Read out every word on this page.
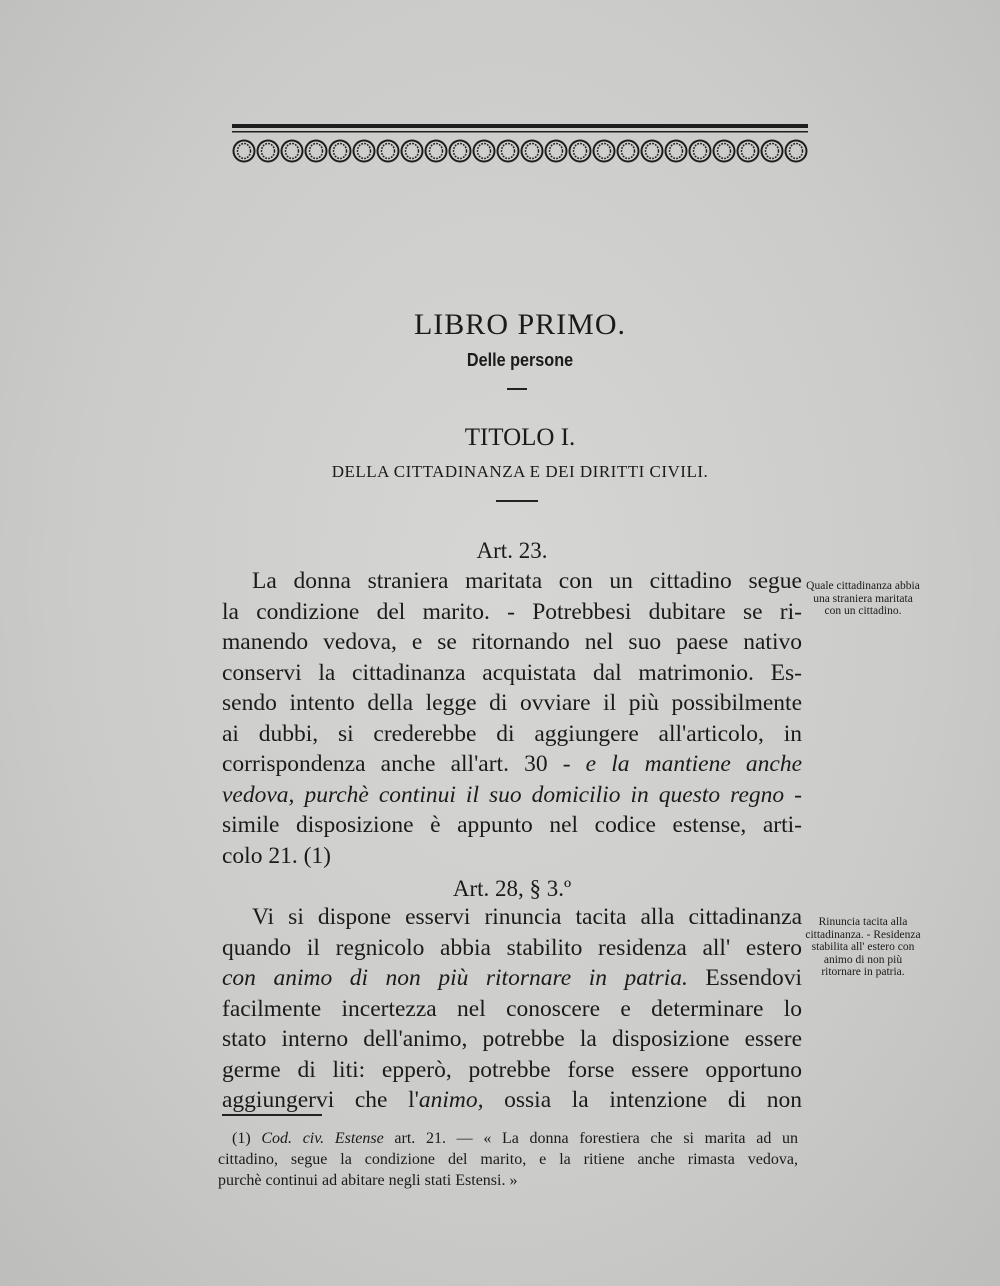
LIBRO PRIMO.
Delle persone
TITOLO I.
DELLA CITTADINANZA E DEI DIRITTI CIVILI.
Art. 23.
La donna straniera maritata con un cittadino segue
la condizione del marito. - Potrebbesi dubitare se ri-
manendo vedova, e se ritornando nel suo paese nativo
conservi la cittadinanza acquistata dal matrimonio. Es-
sendo intento della legge di ovviare il più possibilmente
ai dubbi, si crederebbe di aggiungere all'articolo, in
corrispondenza anche all'art. 30 - e la mantiene anche
vedova, purchè continui il suo domicilio in questo regno -
simile disposizione è appunto nel codice estense, arti-
colo 21. (1)
Quale cittadinanza abbia una straniera maritata con un cittadino.
Art. 28, § 3.º
Vi si dispone esservi rinuncia tacita alla cittadinanza
quando il regnicolo abbia stabilito residenza all' estero
con animo di non più ritornare in patria. Essendovi
facilmente incertezza nel conoscere e determinare lo
stato interno dell'animo, potrebbe la disposizione essere
germe di liti: epperò, potrebbe forse essere opportuno
aggiungervi che l'animo, ossia la intenzione di non
Rinuncia tacita alla cittadinanza. - Residenza stabilita all' estero con animo di non più ritornare in patria.
(1) Cod. civ. Estense art. 21. — « La donna forestiera che si marita ad un
cittadino, segue la condizione del marito, e la ritiene anche rimasta vedova,
purchè continui ad abitare negli stati Estensi. »
